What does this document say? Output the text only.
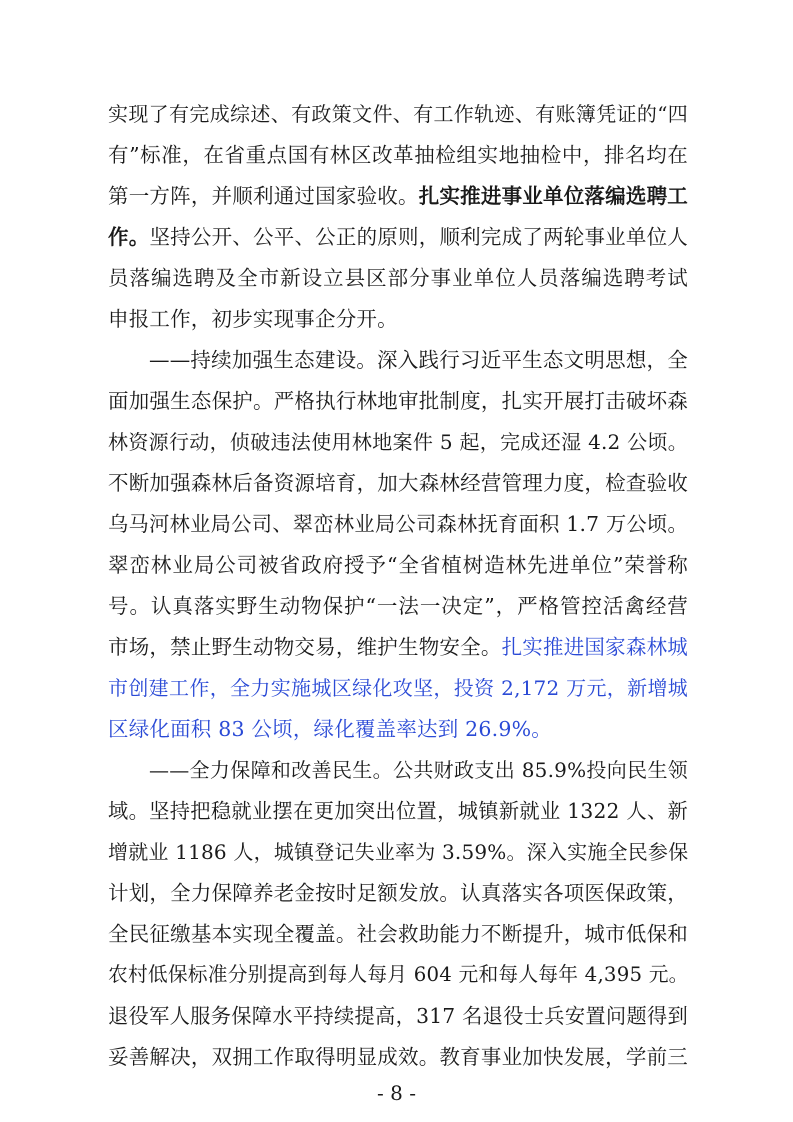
实现了有完成综述、有政策文件、有工作轨迹、有账簿凭证的“四
有”标准，在省重点国有林区改革抽检组实地抽检中，排名均在
第一方阵，并顺利通过国家验收。扎实推进事业单位落编选聘工
作。坚持公开、公平、公正的原则，顺利完成了两轮事业单位人
员落编选聘及全市新设立县区部分事业单位人员落编选聘考试
申报工作，初步实现事企分开。
——持续加强生态建设。深入践行习近平生态文明思想，全
面加强生态保护。严格执行林地审批制度，扎实开展打击破坏森
林资源行动，侦破违法使用林地案件 5 起，完成还湿 4.2 公顷。
不断加强森林后备资源培育，加大森林经营管理力度，检查验收
乌马河林业局公司、翠峦林业局公司森林抚育面积 1.7 万公顷。
翠峦林业局公司被省政府授予“全省植树造林先进单位”荣誉称
号。认真落实野生动物保护“一法一决定”，严格管控活禽经营
市场，禁止野生动物交易，维护生物安全。扎实推进国家森林城
市创建工作，全力实施城区绿化攻坚，投资 2,172 万元，新增城
区绿化面积 83 公顷，绿化覆盖率达到 26.9%。
——全力保障和改善民生。公共财政支出 85.9%投向民生领
域。坚持把稳就业摆在更加突出位置，城镇新就业 1322 人、新
增就业 1186 人，城镇登记失业率为 3.59%。深入实施全民参保
计划，全力保障养老金按时足额发放。认真落实各项医保政策，
全民征缴基本实现全覆盖。社会救助能力不断提升，城市低保和
农村低保标准分别提高到每人每月 604 元和每人每年 4,395 元。
退役军人服务保障水平持续提高，317 名退役士兵安置问题得到
妥善解决，双拥工作取得明显成效。教育事业加快发展，学前三
- 8 -
